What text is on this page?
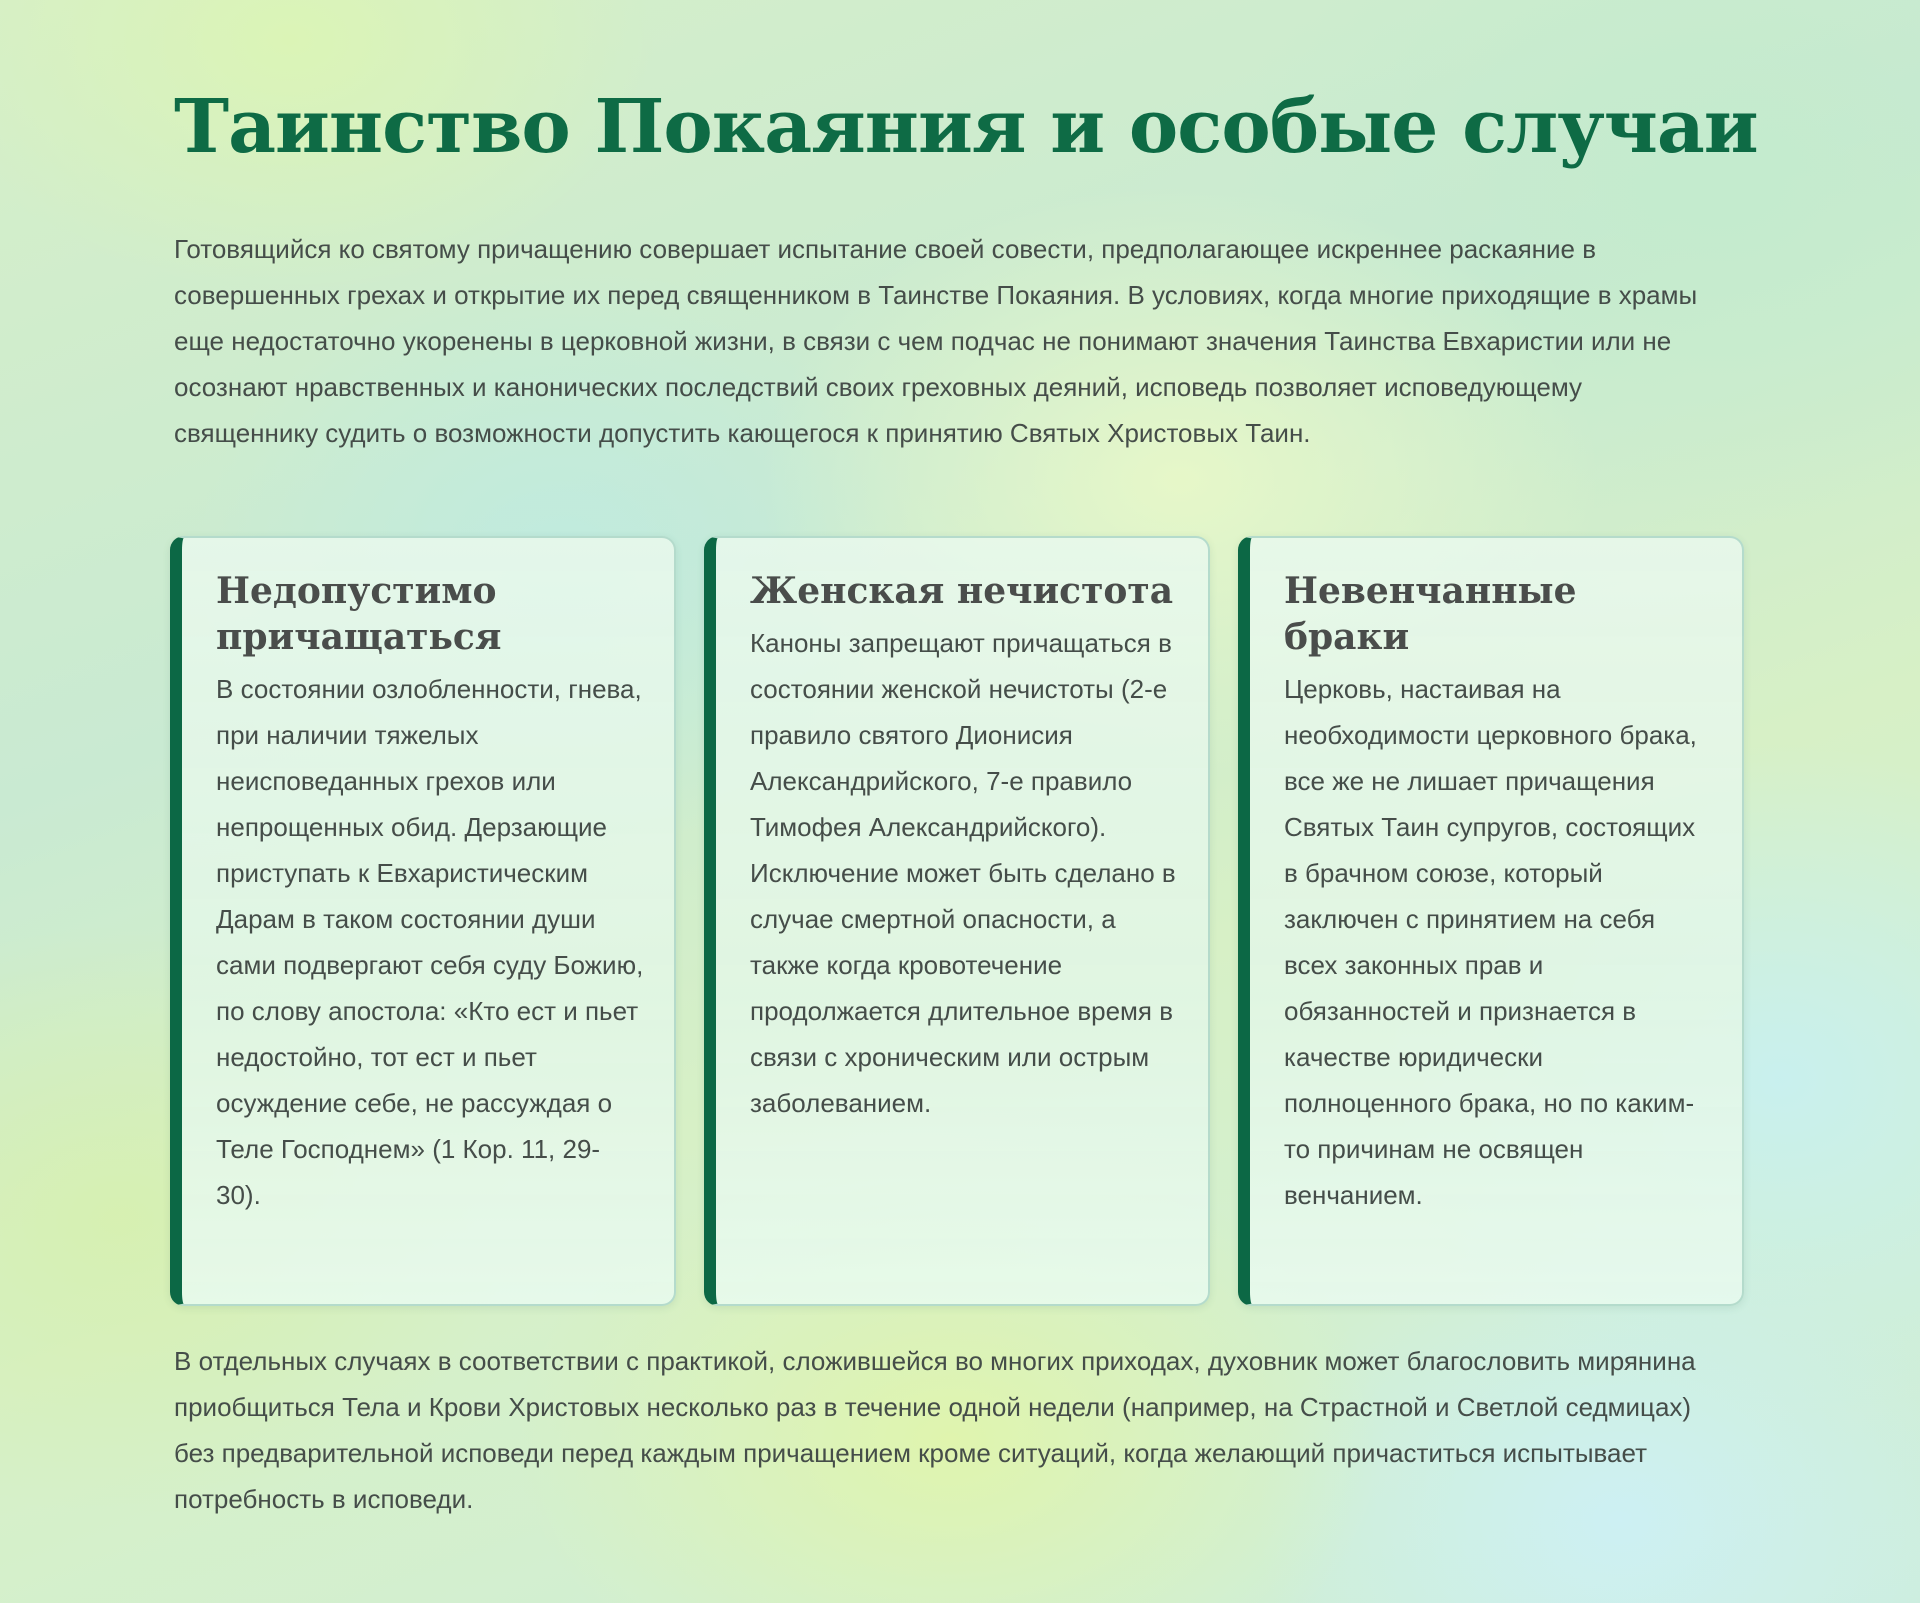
Таинство Покаяния и особые случаи

Готовящийся ко святому причащению совершает испытание своей совести, предполагающее искреннее раскаяние в совершенных грехах и открытие их перед священником в Таинстве Покаяния. В условиях, когда многие приходящие в храмы еще недостаточно укоренены в церковной жизни, в связи с чем подчас не понимают значения Таинства Евхаристии или не осознают нравственных и канонических последствий своих греховных деяний, исповедь позволяет исповедующему священнику судить о возможности допустить кающегося к принятию Святых Христовых Таин.

Недопустимо причащаться

В состоянии озлобленности, гнева, при наличии тяжелых неисповеданных грехов или непрощенных обид. Дерзающие приступать к Евхаристическим Дарам в таком состоянии души сами подвергают себя суду Божию, по слову апостола: «Кто ест и пьет недостойно, тот ест и пьет осуждение себе, не рассуждая о Теле Господнем» (1 Кор. 11, 29-30).

Женская нечистота

Каноны запрещают причащаться в состоянии женской нечистоты (2-е правило святого Дионисия Александрийского, 7-е правило Тимофея Александрийского). Исключение может быть сделано в случае смертной опасности, а также когда кровотечение продолжается длительное время в связи с хроническим или острым заболеванием.

Невенчанные браки

Церковь, настаивая на необходимости церковного брака, все же не лишает причащения Святых Таин супругов, состоящих в брачном союзе, который заключен с принятием на себя всех законных прав и обязанностей и признается в качестве юридически полноценного брака, но по каким-то причинам не освящен венчанием.

В отдельных случаях в соответствии с практикой, сложившейся во многих приходах, духовник может благословить мирянина приобщиться Тела и Крови Христовых несколько раз в течение одной недели (например, на Страстной и Светлой седмицах) без предварительной исповеди перед каждым причащением кроме ситуаций, когда желающий причаститься испытывает потребность в исповеди.
